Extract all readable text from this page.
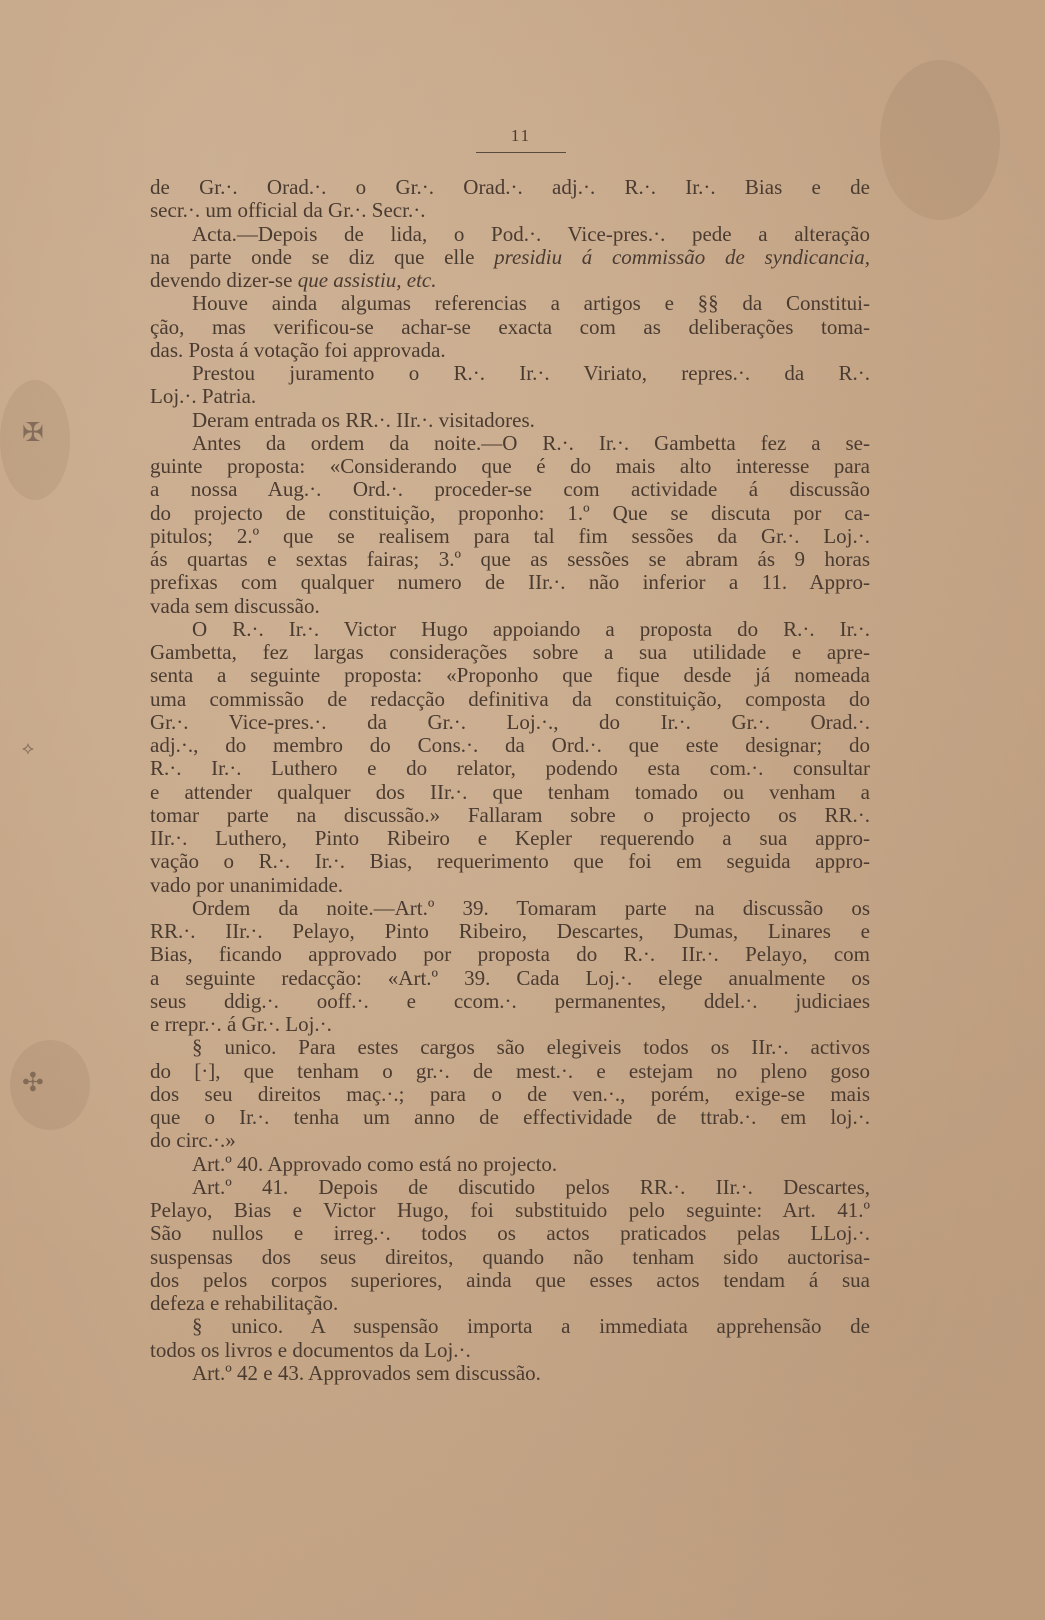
✠
⟡
✣
11
de Gr.·. Orad.·. o Gr.·. Orad.·. adj.·. R.·. Ir.·. Bias e de
secr.·. um official da Gr.·. Secr.·.
Acta.—Depois de lida, o Pod.·. Vice-pres.·. pede a alteração
na parte onde se diz que elle presidiu á commissão de syndicancia,
devendo dizer-se que assistiu, etc.
Houve ainda algumas referencias a artigos e §§ da Constitui-
ção, mas verificou-se achar-se exacta com as deliberações toma-
das. Posta á votação foi approvada.
Prestou juramento o R.·. Ir.·. Viriato, repres.·. da R.·.
Loj.·. Patria.
Deram entrada os RR.·. IIr.·. visitadores.
Antes da ordem da noite.—O R.·. Ir.·. Gambetta fez a se-
guinte proposta: «Considerando que é do mais alto interesse para
a nossa Aug.·. Ord.·. proceder-se com actividade á discussão
do projecto de constituição, proponho: 1.º Que se discuta por ca-
pitulos; 2.º que se realisem para tal fim sessões da Gr.·. Loj.·.
ás quartas e sextas fairas; 3.º que as sessões se abram ás 9 horas
prefixas com qualquer numero de IIr.·. não inferior a 11. Appro-
vada sem discussão.
O R.·. Ir.·. Victor Hugo appoiando a proposta do R.·. Ir.·.
Gambetta, fez largas considerações sobre a sua utilidade e apre-
senta a seguinte proposta: «Proponho que fique desde já nomeada
uma commissão de redacção definitiva da constituição, composta do
Gr.·. Vice-pres.·. da Gr.·. Loj.·., do Ir.·. Gr.·. Orad.·.
adj.·., do membro do Cons.·. da Ord.·. que este designar; do
R.·. Ir.·. Luthero e do relator, podendo esta com.·. consultar
e attender qualquer dos IIr.·. que tenham tomado ou venham a
tomar parte na discussão.» Fallaram sobre o projecto os RR.·.
IIr.·. Luthero, Pinto Ribeiro e Kepler requerendo a sua appro-
vação o R.·. Ir.·. Bias, requerimento que foi em seguida appro-
vado por unanimidade.
Ordem da noite.—Art.º 39. Tomaram parte na discussão os
RR.·. IIr.·. Pelayo, Pinto Ribeiro, Descartes, Dumas, Linares e
Bias, ficando approvado por proposta do R.·. IIr.·. Pelayo, com
a seguinte redacção: «Art.º 39. Cada Loj.·. elege anualmente os
seus ddig.·. ooff.·. e ccom.·. permanentes, ddel.·. judiciaes
e rrepr.·. á Gr.·. Loj.·.
§ unico. Para estes cargos são elegiveis todos os IIr.·. activos
do [·], que tenham o gr.·. de mest.·. e estejam no pleno goso
dos seu direitos maç.·.; para o de ven.·., porém, exige-se mais
que o Ir.·. tenha um anno de effectividade de ttrab.·. em loj.·.
do circ.·.»
Art.º 40. Approvado como está no projecto.
Art.º 41. Depois de discutido pelos RR.·. IIr.·. Descartes,
Pelayo, Bias e Victor Hugo, foi substituido pelo seguinte: Art. 41.º
São nullos e irreg.·. todos os actos praticados pelas LLoj.·.
suspensas dos seus direitos, quando não tenham sido auctorisa-
dos pelos corpos superiores, ainda que esses actos tendam á sua
defeza e rehabilitação.
§ unico. A suspensão importa a immediata apprehensão de
todos os livros e documentos da Loj.·.
Art.º 42 e 43. Approvados sem discussão.
